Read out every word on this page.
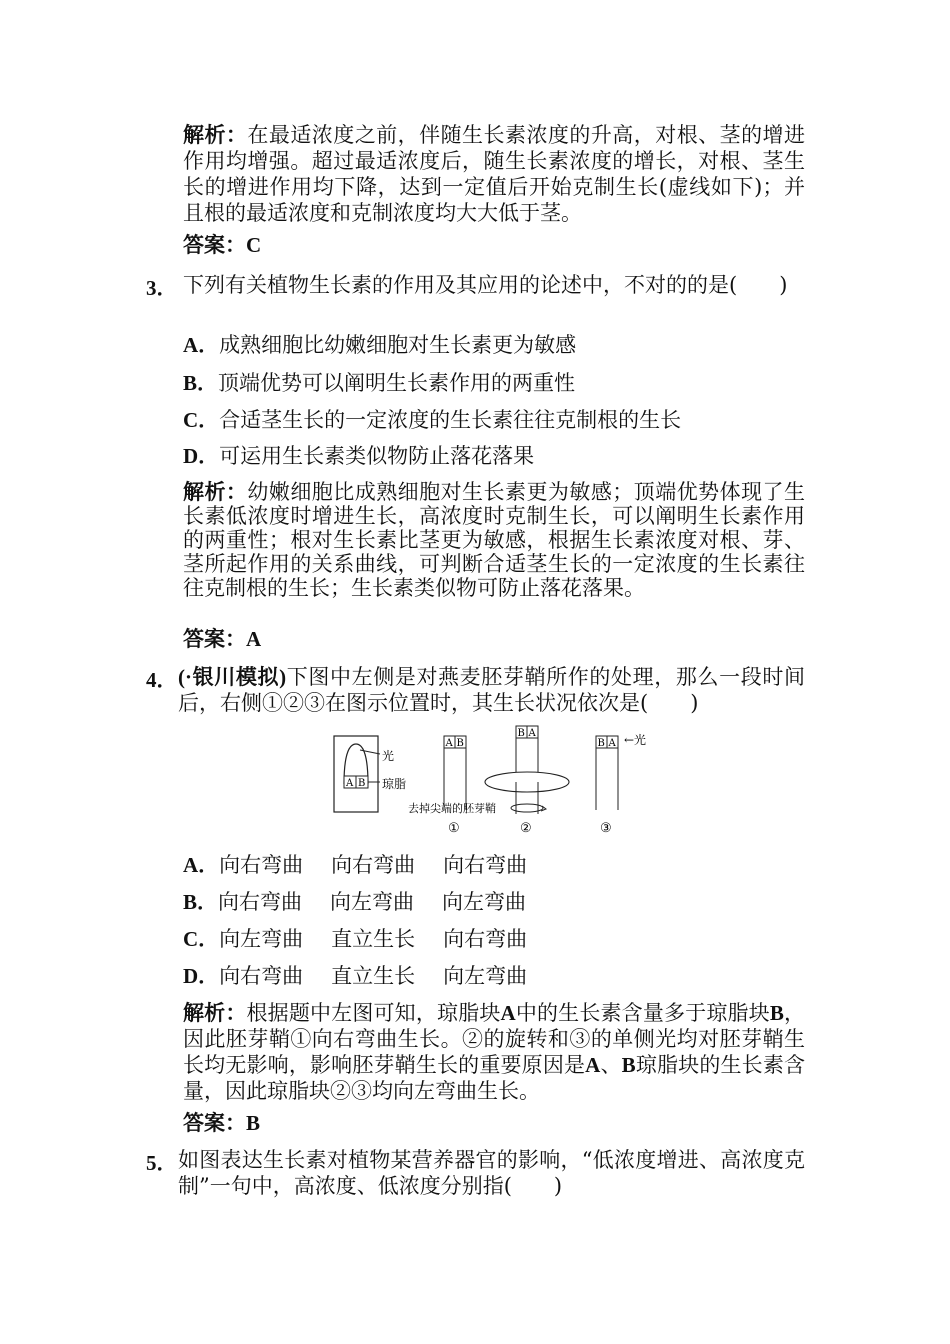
解析：在最适浓度之前，伴随生长素浓度的升高，对根、茎的增进作用均增强。超过最适浓度后，随生长素浓度的增长，对根、茎生长的增进作用均下降，达到一定值后开始克制生长(虚线如下)；并且根的最适浓度和克制浓度均大大低于茎。
答案：C
3． 下列有关植物生长素的作用及其应用的论述中，不对的的是(　　)
A．成熟细胞比幼嫩细胞对生长素更为敏感
B．顶端优势可以阐明生长素作用的两重性
C．合适茎生长的一定浓度的生长素往往克制根的生长
D．可运用生长素类似物防止落花落果
解析：幼嫩细胞比成熟细胞对生长素更为敏感；顶端优势体现了生长素低浓度时增进生长，高浓度时克制生长，可以阐明生长素作用的两重性；根对生长素比茎更为敏感，根据生长素浓度对根、芽、茎所起作用的关系曲线，可判断合适茎生长的一定浓度的生长素往往克制根的生长；生长素类似物可防止落花落果。
答案：A
4． (·银川模拟)下图中左侧是对燕麦胚芽鞘所作的处理，那么一段时间后，右侧①②③在图示位置时，其生长状况依次是(　　)
A B
光
琼脂
A B
B A
去掉尖端的胚芽鞘
B A ←光
①	②	③
A．向右弯曲 向右弯曲 向右弯曲
B．向右弯曲 向左弯曲 向左弯曲
C．向左弯曲 直立生长 向右弯曲
D．向右弯曲 直立生长 向左弯曲
解析：根据题中左图可知，琼脂块A中的生长素含量多于琼脂块B，因此胚芽鞘①向右弯曲生长。②的旋转和③的单侧光均对胚芽鞘生长均无影响，影响胚芽鞘生长的重要原因是A、B琼脂块的生长素含量，因此琼脂块②③均向左弯曲生长。
答案：B
5． 如图表达生长素对植物某营养器官的影响，“低浓度增进、高浓度克制”一句中，高浓度、低浓度分别指(　　)
